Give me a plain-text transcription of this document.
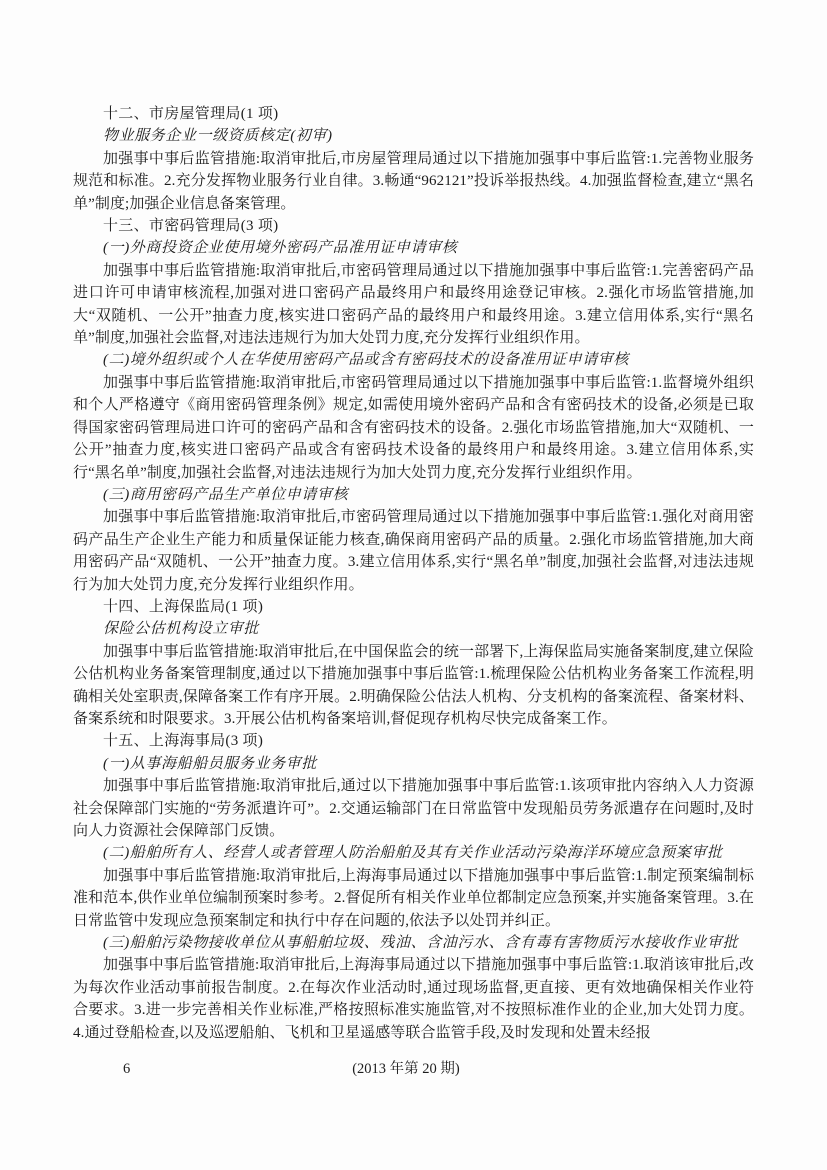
十二、市房屋管理局(1 项)

物业服务企业一级资质核定(初审)

加强事中事后监管措施:取消审批后,市房屋管理局通过以下措施加强事中事后监管:1.完善物业服务规范和标准。2.充分发挥物业服务行业自律。3.畅通“962121”投诉举报热线。4.加强监督检查,建立“黑名单”制度;加强企业信息备案管理。

十三、市密码管理局(3 项)

(一)外商投资企业使用境外密码产品准用证申请审核

加强事中事后监管措施:取消审批后,市密码管理局通过以下措施加强事中事后监管:1.完善密码产品进口许可申请审核流程,加强对进口密码产品最终用户和最终用途登记审核。2.强化市场监管措施,加大“双随机、一公开”抽查力度,核实进口密码产品的最终用户和最终用途。3.建立信用体系,实行“黑名单”制度,加强社会监督,对违法违规行为加大处罚力度,充分发挥行业组织作用。

(二)境外组织或个人在华使用密码产品或含有密码技术的设备准用证申请审核

加强事中事后监管措施:取消审批后,市密码管理局通过以下措施加强事中事后监管:1.监督境外组织和个人严格遵守《商用密码管理条例》规定,如需使用境外密码产品和含有密码技术的设备,必须是已取得国家密码管理局进口许可的密码产品和含有密码技术的设备。2.强化市场监管措施,加大“双随机、一公开”抽查力度,核实进口密码产品或含有密码技术设备的最终用户和最终用途。3.建立信用体系,实行“黑名单”制度,加强社会监督,对违法违规行为加大处罚力度,充分发挥行业组织作用。

(三)商用密码产品生产单位申请审核

加强事中事后监管措施:取消审批后,市密码管理局通过以下措施加强事中事后监管:1.强化对商用密码产品生产企业生产能力和质量保证能力核查,确保商用密码产品的质量。2.强化市场监管措施,加大商用密码产品“双随机、一公开”抽查力度。3.建立信用体系,实行“黑名单”制度,加强社会监督,对违法违规行为加大处罚力度,充分发挥行业组织作用。

十四、上海保监局(1 项)

保险公估机构设立审批

加强事中事后监管措施:取消审批后,在中国保监会的统一部署下,上海保监局实施备案制度,建立保险公估机构业务备案管理制度,通过以下措施加强事中事后监管:1.梳理保险公估机构业务备案工作流程,明确相关处室职责,保障备案工作有序开展。2.明确保险公估法人机构、分支机构的备案流程、备案材料、备案系统和时限要求。3.开展公估机构备案培训,督促现存机构尽快完成备案工作。

十五、上海海事局(3 项)

(一)从事海船船员服务业务审批

加强事中事后监管措施:取消审批后,通过以下措施加强事中事后监管:1.该项审批内容纳入人力资源社会保障部门实施的“劳务派遣许可”。2.交通运输部门在日常监管中发现船员劳务派遣存在问题时,及时向人力资源社会保障部门反馈。

(二)船舶所有人、经营人或者管理人防治船舶及其有关作业活动污染海洋环境应急预案审批

加强事中事后监管措施:取消审批后,上海海事局通过以下措施加强事中事后监管:1.制定预案编制标准和范本,供作业单位编制预案时参考。2.督促所有相关作业单位都制定应急预案,并实施备案管理。3.在日常监管中发现应急预案制定和执行中存在问题的,依法予以处罚并纠正。

(三)船舶污染物接收单位从事船舶垃圾、残油、含油污水、含有毒有害物质污水接收作业审批

加强事中事后监管措施:取消审批后,上海海事局通过以下措施加强事中事后监管:1.取消该审批后,改为每次作业活动事前报告制度。2.在每次作业活动时,通过现场监督,更直接、更有效地确保相关作业符合要求。3.进一步完善相关作业标准,严格按照标准实施监管,对不按照标准作业的企业,加大处罚力度。4.通过登船检查,以及巡逻船舶、飞机和卫星遥感等联合监管手段,及时发现和处置未经报

6	(2013 年第 20 期)
